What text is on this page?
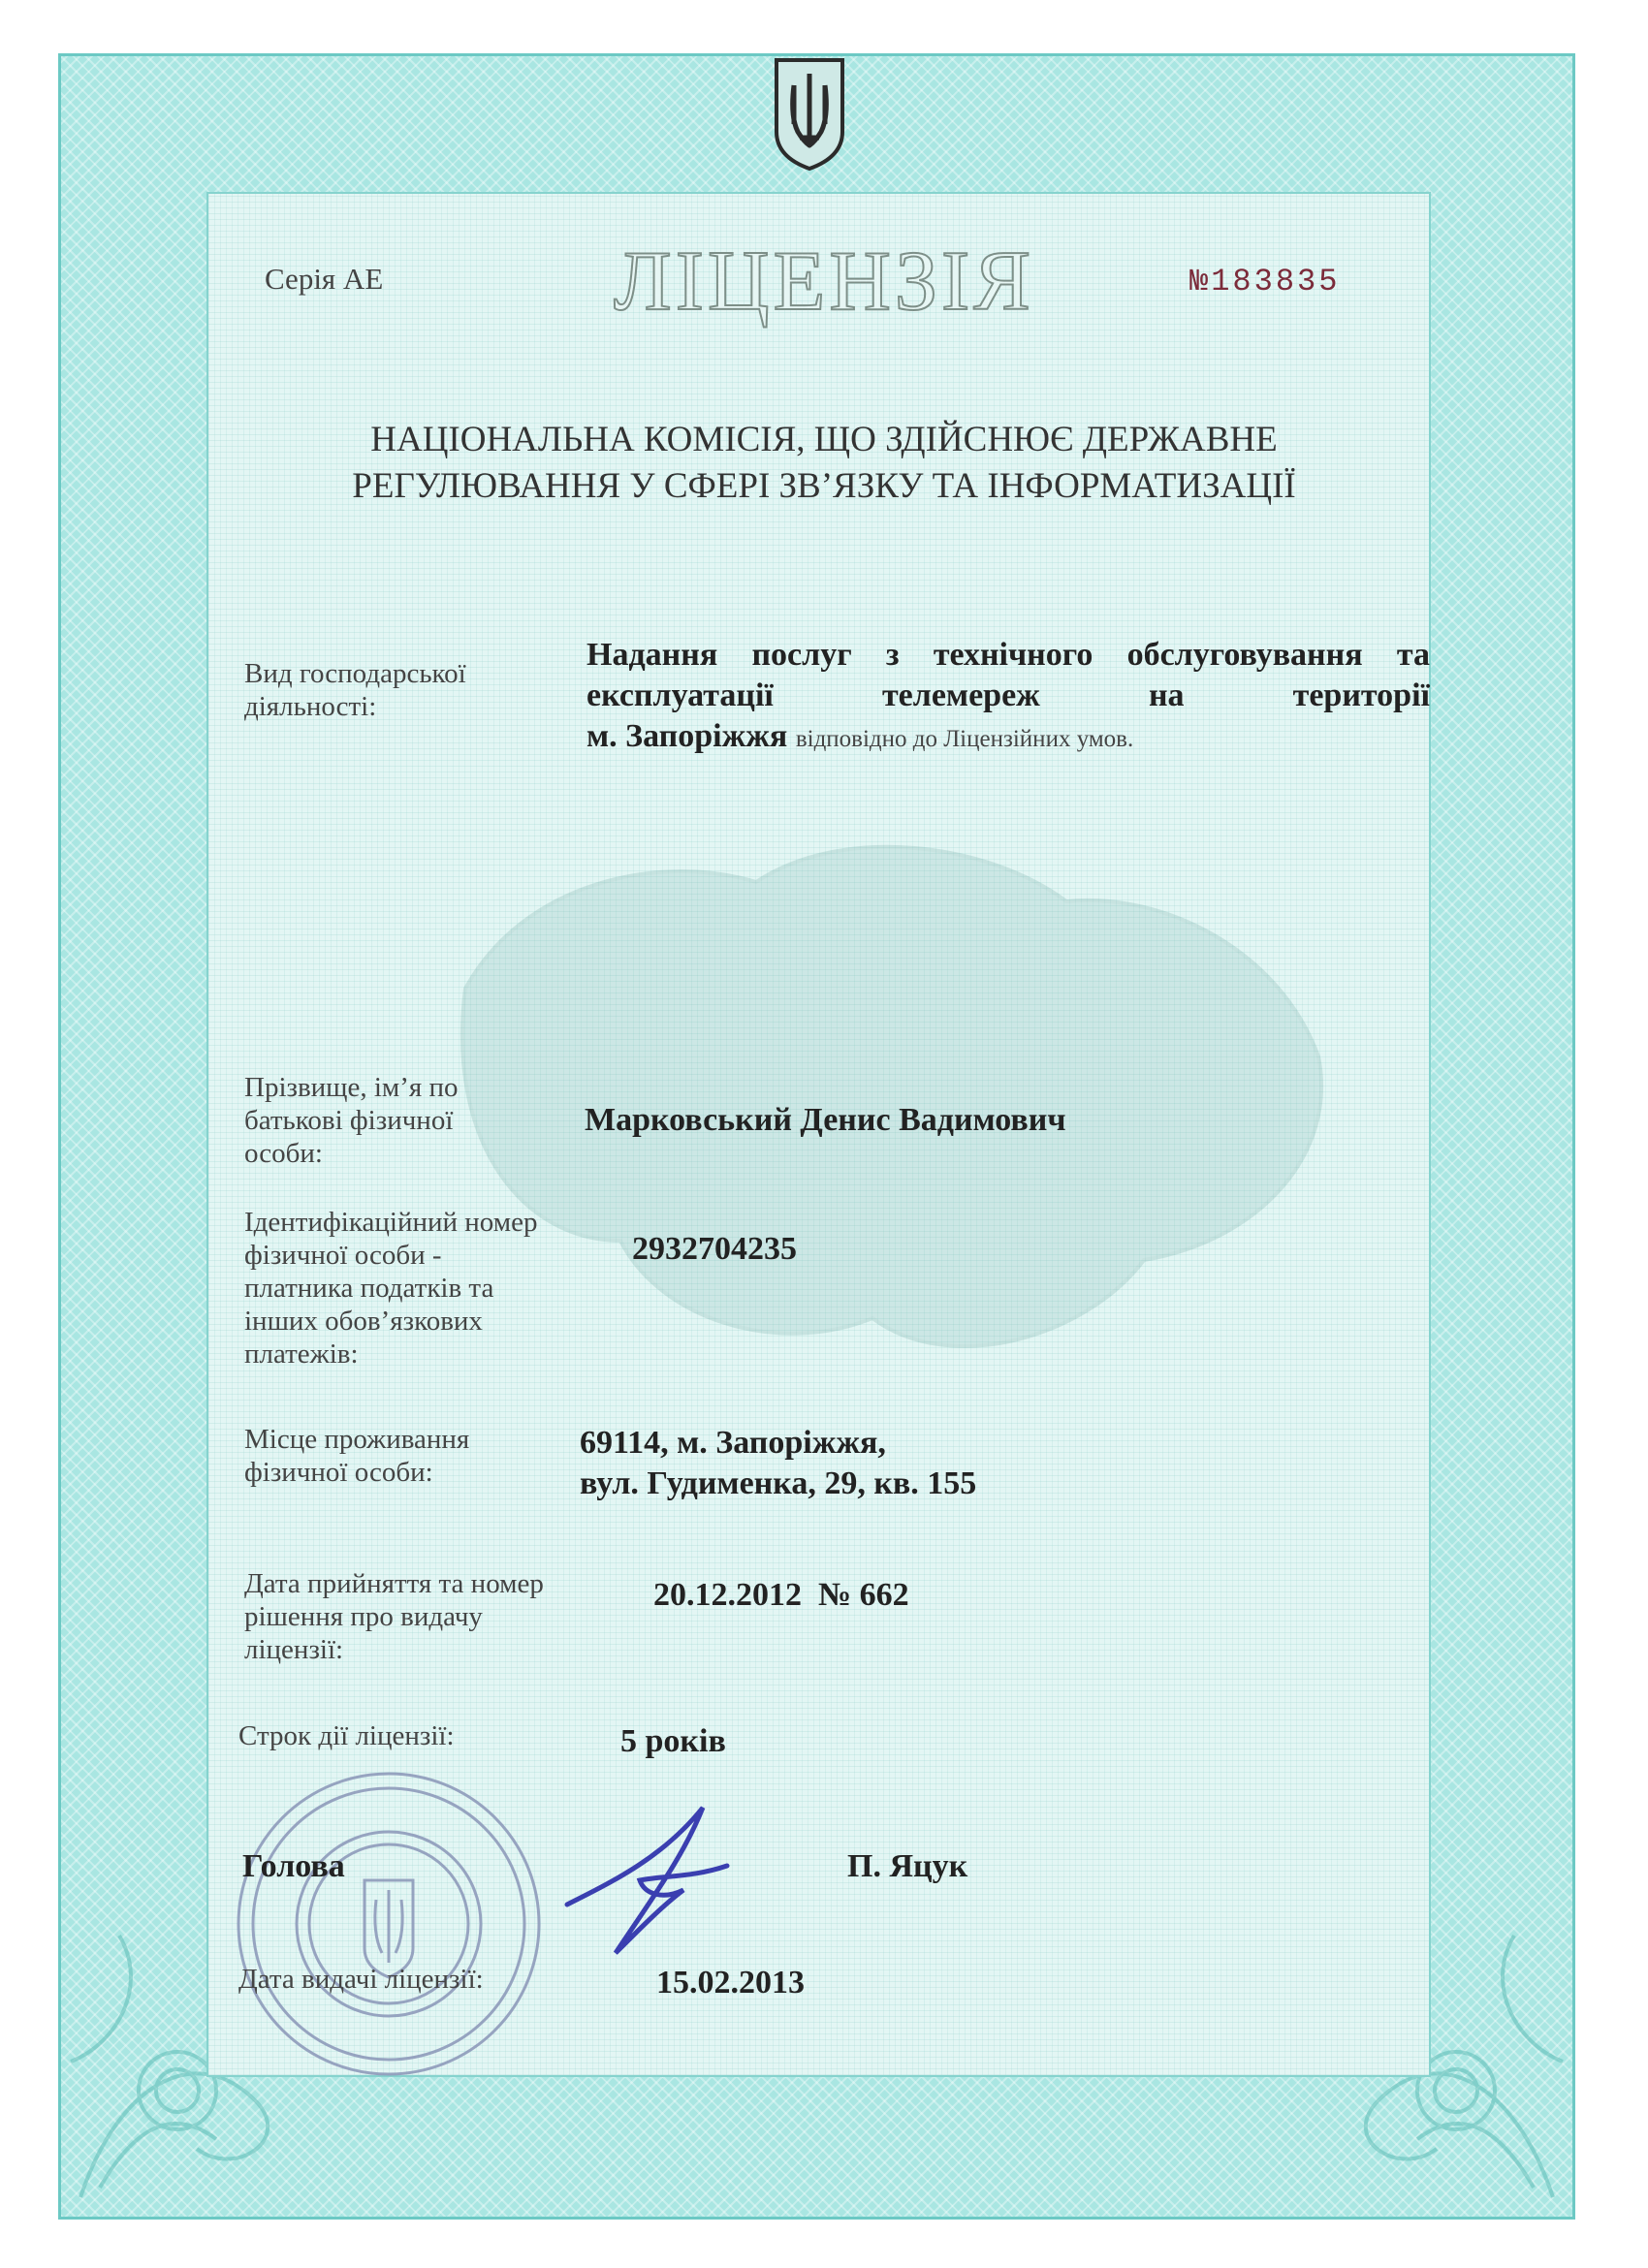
Серія АЕ	ЛІЦЕНЗІЯ	№183835
НАЦІОНАЛЬНА КОМІСІЯ, ЩО ЗДІЙСНЮЄ ДЕРЖАВНЕ
РЕГУЛЮВАННЯ У СФЕРІ ЗВ’ЯЗКУ ТА ІНФОРМАТИЗАЦІЇ
Вид господарської
діяльності:
Надання послуг з технічного обслуговування та
експлуатації телемереж на території
м. Запоріжжя відповідно до Ліцензійних умов.
Прізвище, ім’я по
батькові фізичної
особи:
Марковський Денис Вадимович
Ідентифікаційний номер
фізичної особи -
платника податків та
інших обов’язкових
платежів:
2932704235
Місце проживання
фізичної особи:
69114, м. Запоріжжя,
вул. Гудименка, 29, кв. 155
Дата прийняття та номер
рішення про видачу
ліцензії:
20.12.2012  № 662
Строк дії ліцензії:	5 років
Голова	П. Яцук
Дата видачі ліцензії:	15.02.2013
